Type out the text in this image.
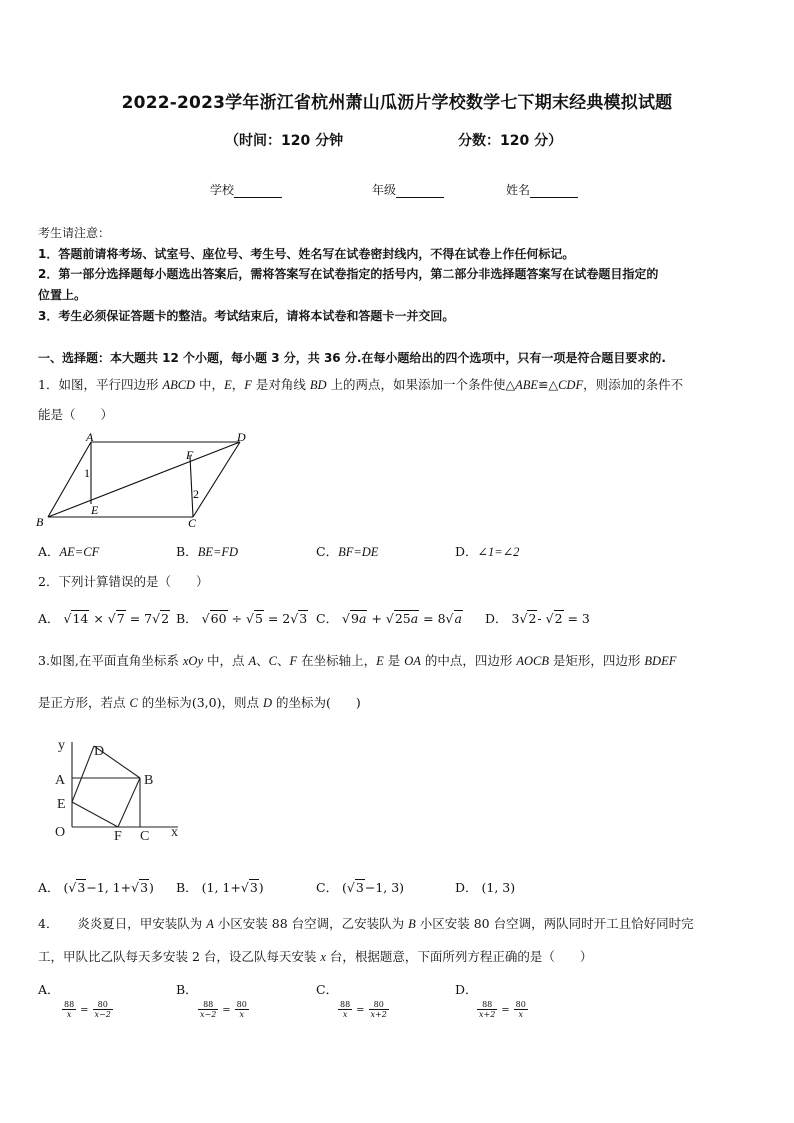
2022-2023学年浙江省杭州萧山瓜沥片学校数学七下期末经典模拟试题
（时间：120 分钟	分数：120 分）
学校	年级	姓名
考生请注意：
1．答题前请将考场、试室号、座位号、考生号、姓名写在试卷密封线内，不得在试卷上作任何标记。
2．第一部分选择题每小题选出答案后，需将答案写在试卷指定的括号内，第二部分非选择题答案写在试卷题目指定的
位置上。
3．考生必须保证答题卡的整洁。考试结束后，请将本试卷和答题卡一并交回。
一、选择题：本大题共 12 个小题，每小题 3 分，共 36 分.在每小题给出的四个选项中，只有一项是符合题目要求的.
1．如图，平行四边形 ABCD 中，E，F 是对角线 BD 上的两点，如果添加一个条件使△ABE≌△CDF，则添加的条件不
能是（　　）
A	D
B	C
E
F
1
2
A．AE=CF	B．BE=FD	C．BF=DE	D．∠1=∠2
2．下列计算错误的是（　　）
A． √14 × √7 = 7√2 B． √60 ÷ √5 = 2√3 C． √9a + √25a = 8√a D． 3√2- √2 = 3
3.如图,在平面直角坐标系 xOy 中，点 A、C、F 在坐标轴上，E 是 OA 的中点，四边形 AOCB 是矩形，四边形 BDEF
是正方形，若点 C 的坐标为(3,0)，则点 D 的坐标为(　　)
y
x
O
A	B
C
D
E
F
A． (√3−1, 1+√3) B． (1, 1+√3)	C． (√3−1, 3)	D． (1, 3)
4．　　炎炎夏日，甲安装队为 A 小区安装 88 台空调，乙安装队为 B 小区安装 80 台空调，两队同时开工且恰好同时完
工，甲队比乙队每天多安装 2 台，设乙队每天安装 x 台，根据题意，下面所列方程正确的是（　　）
A．

$\frac{88}{x} = \frac{80}{x-2}$
B．

$\frac{88}{x-2} = \frac{80}{x}$
C．

$\frac{88}{x} = \frac{80}{x+2}$
D．

$\frac{88}{x+2} = \frac{80}{x}$
